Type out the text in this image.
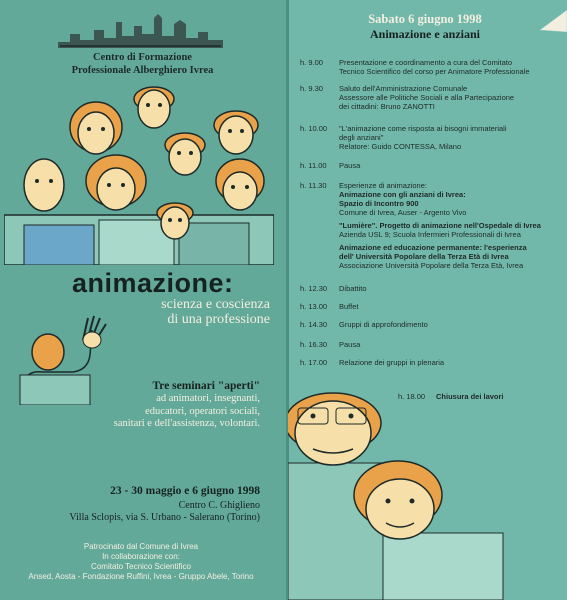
Centro di Formazione
Professionale Alberghiero Ivrea
animazione:
scienza e coscienza
di una professione
Tre seminari "aperti"
ad animatori, insegnanti,
educatori, operatori sociali,
sanitari e dell'assistenza, volontari.
23 - 30 maggio e 6 giugno 1998
Centro C. Ghiglieno
Villa Sclopis, via S. Urbano - Salerano (Torino)
Patrocinato dal Comune di Ivrea
In collaborazione con:
Comitato Tecnico Scientifico
Ansed, Aosta - Fondazione Ruffini, Ivrea - Gruppo Abele, Torino
Sabato 6 giugno 1998
Animazione e anziani
h. 9.00	Presentazione e coordinamento a cura del Comitato
Tecnico Scientifico del corso per Animatore Professionale
h. 9.30	Saluto dell'Amministrazione Comunale
Assessore alle Politiche Sociali e alla Partecipazione
dei cittadini: Bruno ZANOTTI
h. 10.00	"L'animazione come risposta ai bisogni immateriali
degli anziani"
Relatore: Guido CONTESSA, Milano
h. 11.00	Pausa
h. 11.30	Esperienze di animazione:
Animazione con gli anziani di Ivrea:
Spazio di Incontro 900
Comune di Ivrea, Auser - Argento Vivo
"Lumière". Progetto di animazione nell'Ospedale di Ivrea
Azienda USL 9; Scuola Infermieri Professionali di Ivrea
Animazione ed educazione permanente: l'esperienza
dell' Università Popolare della Terza Età di Ivrea
Associazione Università Popolare della Terza Età, Ivrea
h. 12.30	Dibattito
h. 13.00	Buffet
h. 14.30	Gruppi di approfondimento
h. 16.30	Pausa
h. 17.00	Relazione dei gruppi in plenaria
h. 18.00	Chiusura dei lavori
